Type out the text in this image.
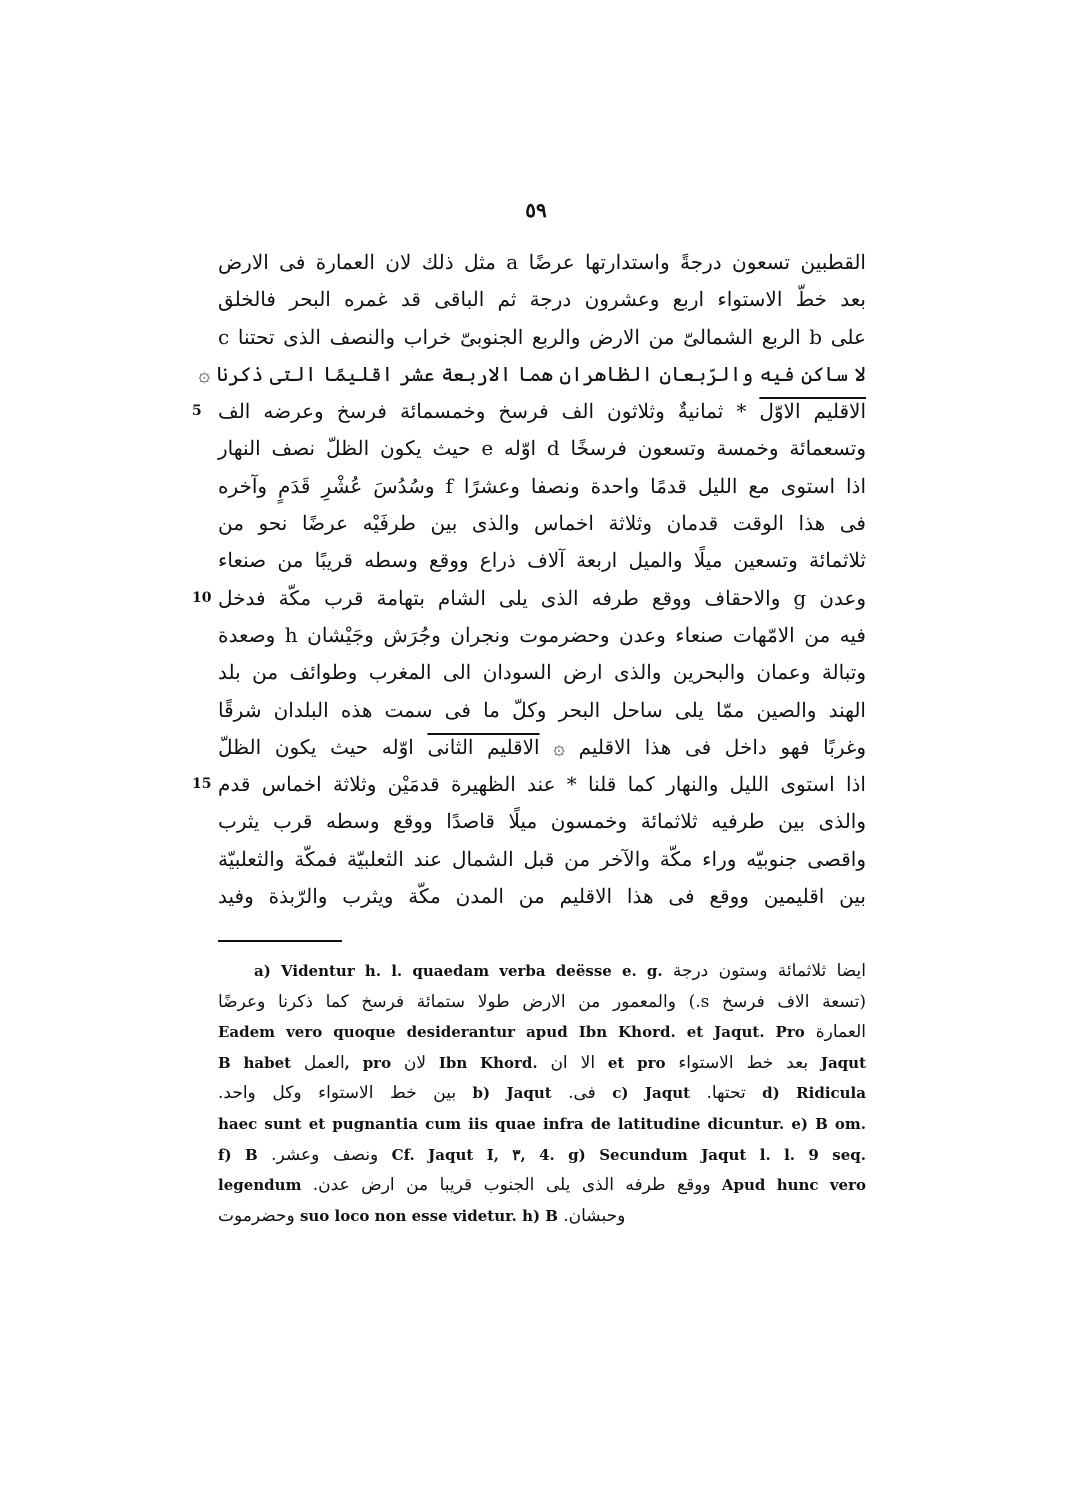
٥٩
القطبين تسعون درجةً واستدارتها عرضًا a مثل ذلك لان العمارة فى الارض
بعد خطّ الاستواء اربع وعشرون درجة ثم الباقى قد غمره البحر فالخلق
على b الربع الشمالىّ من الارض والربع الجنوبىّ خراب والنصف الذى تحتنا c
لا ساكن فيه والرّبعان الظاهران هما الاربعة عشر اقليمًا التى ذكرنا ۞
5	الاقليم الاوّل * ثمانيةٌ وثلاثون الف فرسخ وخمسمائة فرسخ وعرضه الف
وتسعمائة وخمسة وتسعون فرسخًا d اوّله e حيث يكون الظلّ نصف النهار
اذا استوى مع الليل قدمًا واحدة ونصفا وعشرًا f وسُدُسَ عُشْرِ قَدَمٍ وآخره
فى هذا الوقت قدمان وثلاثة اخماس والذى بين طرفَيْه عرضًا نحو من
ثلاثمائة وتسعين ميلًا والميل اربعة آلاف ذراع ووقع وسطه قريبًا من صنعاء
10 وعدن g والاحقاف ووقع طرفه الذى يلى الشام بتهامة قرب مكّة فدخل
فيه من الامّهات صنعاء وعدن وحضرموت ونجران وجُرَش وجَيْشان h وصعدة
وتبالة وعمان والبحرين والذى ارض السودان الى المغرب وطوائف من بلد
الهند والصين ممّا يلى ساحل البحر وكلّ ما فى سمت هذه البلدان شرقًا
وغربًا فهو داخل فى هذا الاقليم ۞ الاقليم الثانى اوّله حيث يكون الظلّ
15 اذا استوى الليل والنهار كما قلنا * عند الظهيرة قدمَيْن وثلاثة اخماس قدم
والذى بين طرفيه ثلاثمائة وخمسون ميلًا قاصدًا ووقع وسطه قرب يثرب
واقصى جنوبيّه وراء مكّة والآخر من قبل الشمال عند الثعلبيّة فمكّة والثعلبيّة
بين اقليمين ووقع فى هذا الاقليم من المدن مكّة ويثرب والرّبذة وفيد
a) Videntur h. l. quaedam verba deësse e. g. ايضا ثلاثمائة وستون درجة
(تسعة الاف فرسخ s.) والمعمور من الارض طولا ستمائة فرسخ كما ذكرنا وعرضًا
Eadem vero quoque desiderantur apud Ibn Khord. et Jaqut. Pro العمارة
B habet العمل, pro لان Ibn Khord. الا ان et pro بعد خط الاستواء Jaqut
بين خط الاستواء وكل واحد. b) Jaqut فى. c) Jaqut تحتها. d) Ridicula
haec sunt et pugnantia cum iis quae infra de latitudine dicuntur. e) B om.
f) B ونصف وعشر. Cf. Jaqut I, ٣, 4. g) Secundum Jaqut l. l. 9 seq.
legendum ووقع طرفه الذى يلى الجنوب قريبا من ارض عدن. Apud hunc vero
وحضرموت suo loco non esse videtur. h) B وحبشان.
